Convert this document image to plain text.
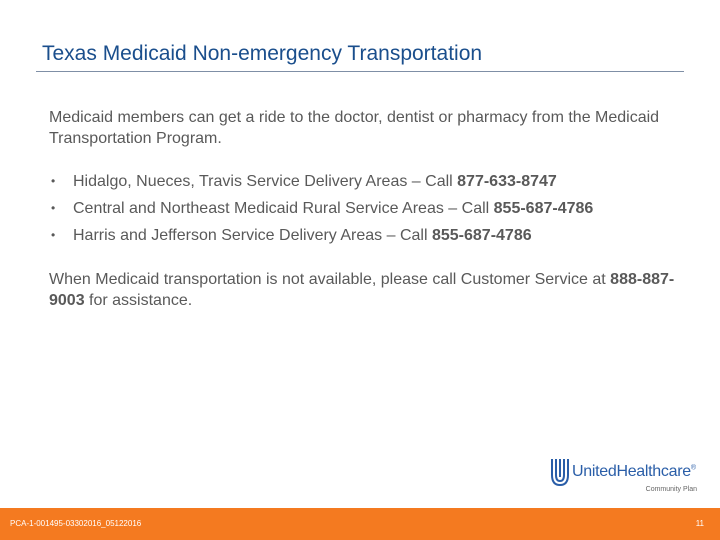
Texas Medicaid Non-emergency Transportation

Medicaid members can get a ride to the doctor, dentist or pharmacy from the Medicaid Transportation Program.

• Hidalgo, Nueces, Travis Service Delivery Areas – Call 877-633-8747
• Central and Northeast Medicaid Rural Service Areas – Call 855-687-4786
• Harris and Jefferson Service Delivery Areas – Call 855-687-4786

When Medicaid transportation is not available, please call Customer Service at 888-887-9003 for assistance.

UnitedHealthcare®
Community Plan
PCA-1-001495-03302016_05122016	11
